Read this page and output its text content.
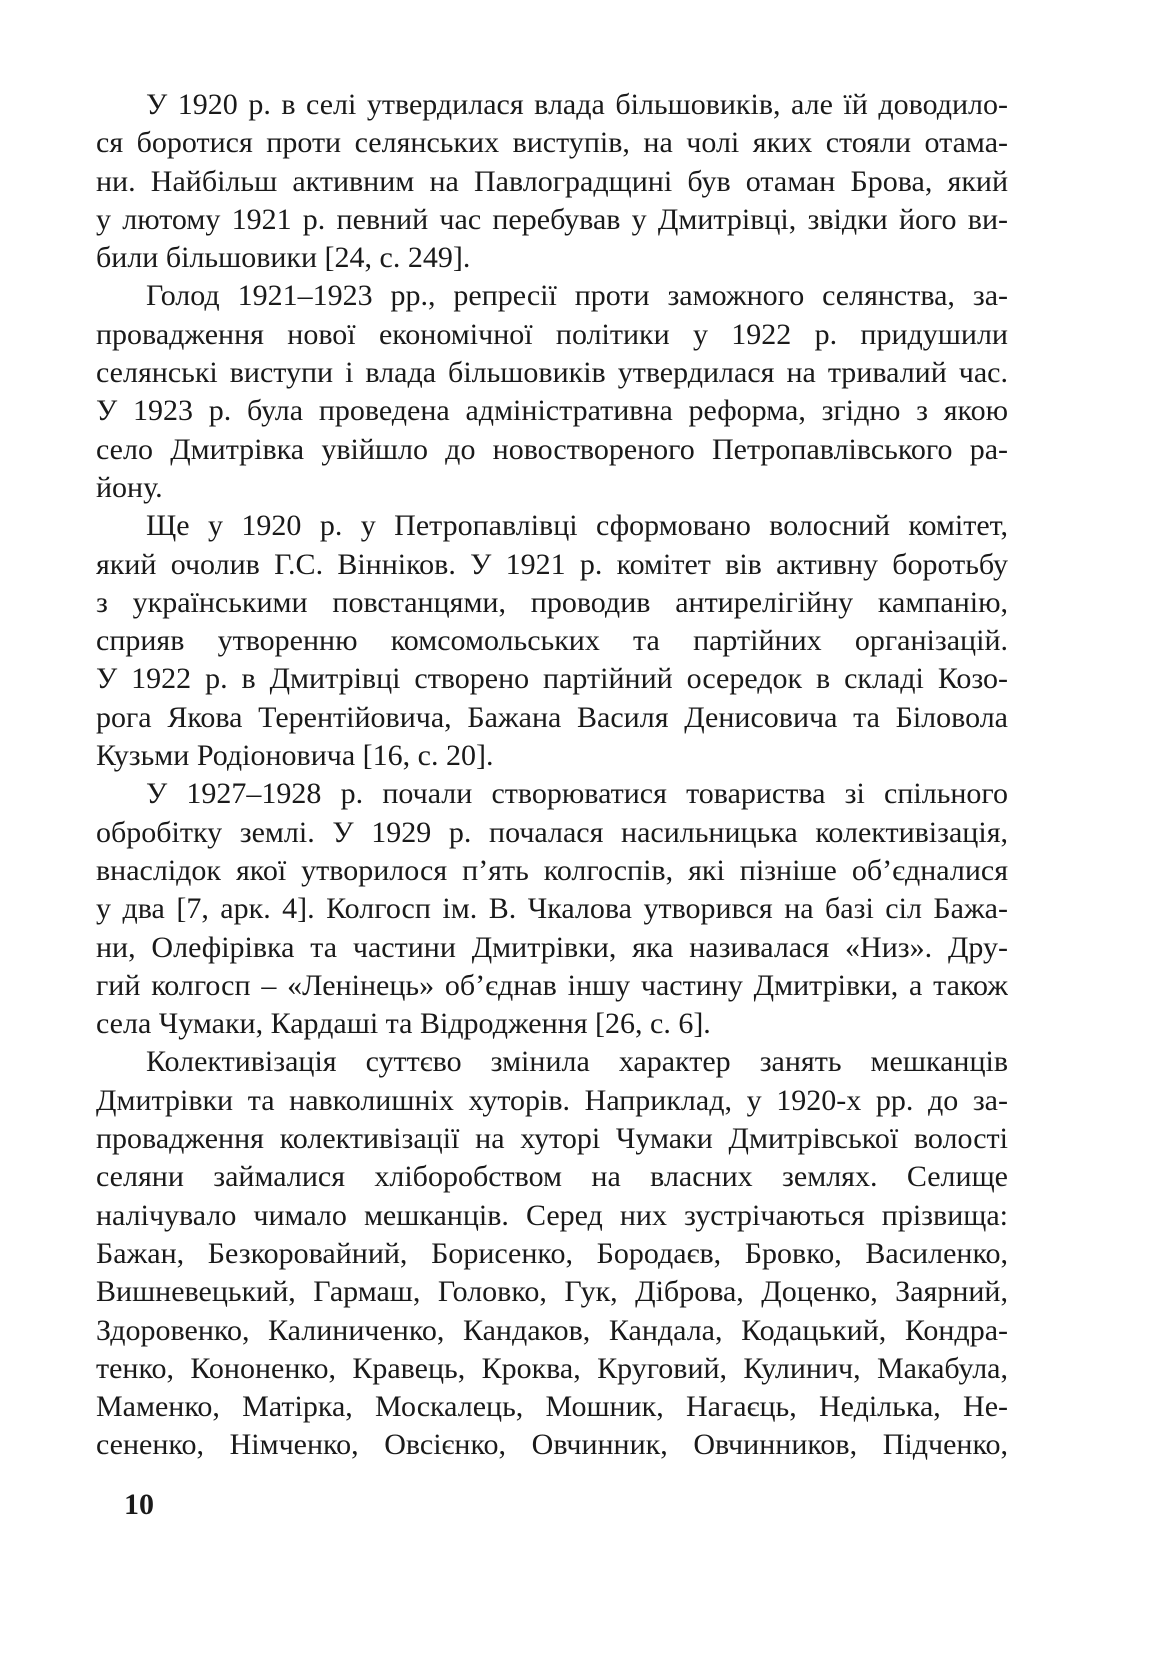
У 1920 р. в селі утвердилася влада більшовиків, але їй доводило-
ся боротися проти селянських виступів, на чолі яких стояли отама-
ни. Найбільш активним на Павлоградщині був отаман Брова, який
у лютому 1921 р. певний час перебував у Дмитрівці, звідки його ви-
били більшовики [24, с. 249].
Голод 1921–1923 рр., репресії проти заможного селянства, за-
провадження нової економічної політики у 1922 р. придушили
селянські виступи і влада більшовиків утвердилася на тривалий час.
У 1923 р. була проведена адміністративна реформа, згідно з якою
село Дмитрівка увійшло до новоствореного Петропавлівського ра-
йону.
Ще у 1920 р. у Петропавлівці сформовано волосний комітет,
який очолив Г.С. Вінніков. У 1921 р. комітет вів активну боротьбу
з українськими повстанцями, проводив антирелігійну кампанію,
сприяв утворенню комсомольських та партійних організацій.
У 1922 р. в Дмитрівці створено партійний осередок в складі Козо-
рога Якова Терентійовича, Бажана Василя Денисовича та Біловола
Кузьми Родіоновича [16, с. 20].
У 1927–1928 р. почали створюватися товариства зі спільного
обробітку землі. У 1929 р. почалася насильницька колективізація,
внаслідок якої утворилося п’ять колгоспів, які пізніше об’єдналися
у два [7, арк. 4]. Колгосп ім. В. Чкалова утворився на базі сіл Бажа-
ни, Олефірівка та частини Дмитрівки, яка називалася «Низ». Дру-
гий колгосп – «Ленінець» об’єднав іншу частину Дмитрівки, а також
села Чумаки, Кардаші та Відродження [26, с. 6].
Колективізація суттєво змінила характер занять мешканців
Дмитрівки та навколишніх хуторів. Наприклад, у 1920-х рр. до за-
провадження колективізації на хуторі Чумаки Дмитрівської волості
селяни займалися хліборобством на власних землях. Селище
налічувало чимало мешканців. Серед них зустрічаються прізвища:
Бажан, Безкоровайний, Борисенко, Бородаєв, Бровко, Василенко,
Вишневецький, Гармаш, Головко, Гук, Діброва, Доценко, Заярний,
Здоровенко, Калиниченко, Кандаков, Кандала, Кодацький, Кондра-
тенко, Кононенко, Кравець, Кроква, Круговий, Кулинич, Макабула,
Маменко, Матірка, Москалець, Мошник, Нагаєць, Неділька, Не-
сененко, Німченко, Овсієнко, Овчинник, Овчинников, Підченко,
10
